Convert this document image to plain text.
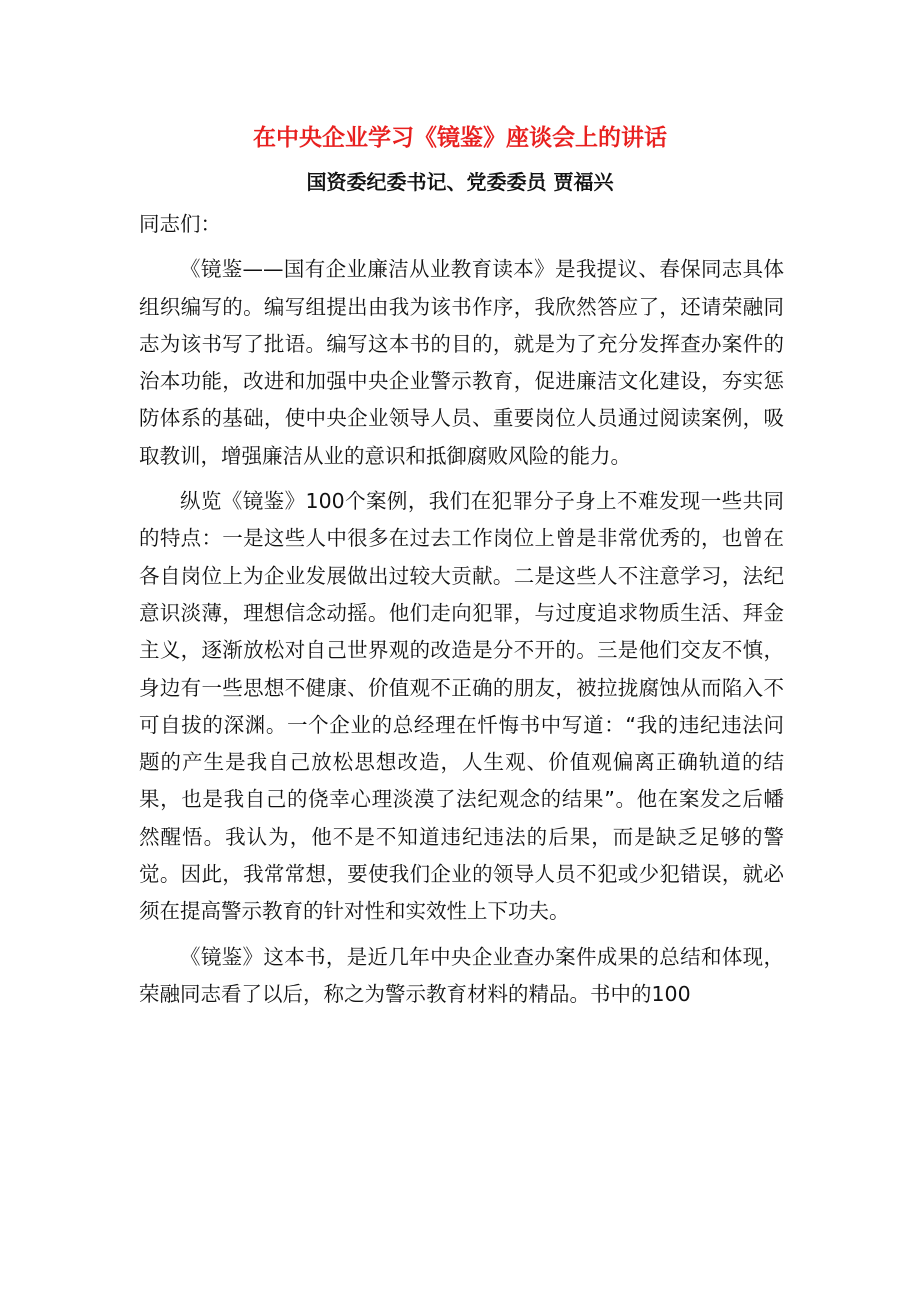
在中央企业学习《镜鉴》座谈会上的讲话
国资委纪委书记、党委委员 贾福兴

同志们：

《镜鉴——国有企业廉洁从业教育读本》是我提议、春保同志具体组织编写的。编写组提出由我为该书作序，我欣然答应了，还请荣融同志为该书写了批语。编写这本书的目的，就是为了充分发挥查办案件的治本功能，改进和加强中央企业警示教育，促进廉洁文化建设，夯实惩防体系的基础，使中央企业领导人员、重要岗位人员通过阅读案例，吸取教训，增强廉洁从业的意识和抵御腐败风险的能力。

纵览《镜鉴》100个案例，我们在犯罪分子身上不难发现一些共同的特点：一是这些人中很多在过去工作岗位上曾是非常优秀的，也曾在各自岗位上为企业发展做出过较大贡献。二是这些人不注意学习，法纪意识淡薄，理想信念动摇。他们走向犯罪，与过度追求物质生活、拜金主义，逐渐放松对自己世界观的改造是分不开的。三是他们交友不慎，身边有一些思想不健康、价值观不正确的朋友，被拉拢腐蚀从而陷入不可自拔的深渊。一个企业的总经理在忏悔书中写道：“我的违纪违法问题的产生是我自己放松思想改造，人生观、价值观偏离正确轨道的结果，也是我自己的侥幸心理淡漠了法纪观念的结果”。他在案发之后幡然醒悟。我认为，他不是不知道违纪违法的后果，而是缺乏足够的警觉。因此，我常常想，要使我们企业的领导人员不犯或少犯错误，就必须在提高警示教育的针对性和实效性上下功夫。

《镜鉴》这本书，是近几年中央企业查办案件成果的总结和体现，荣融同志看了以后，称之为警示教育材料的精品。书中的100
